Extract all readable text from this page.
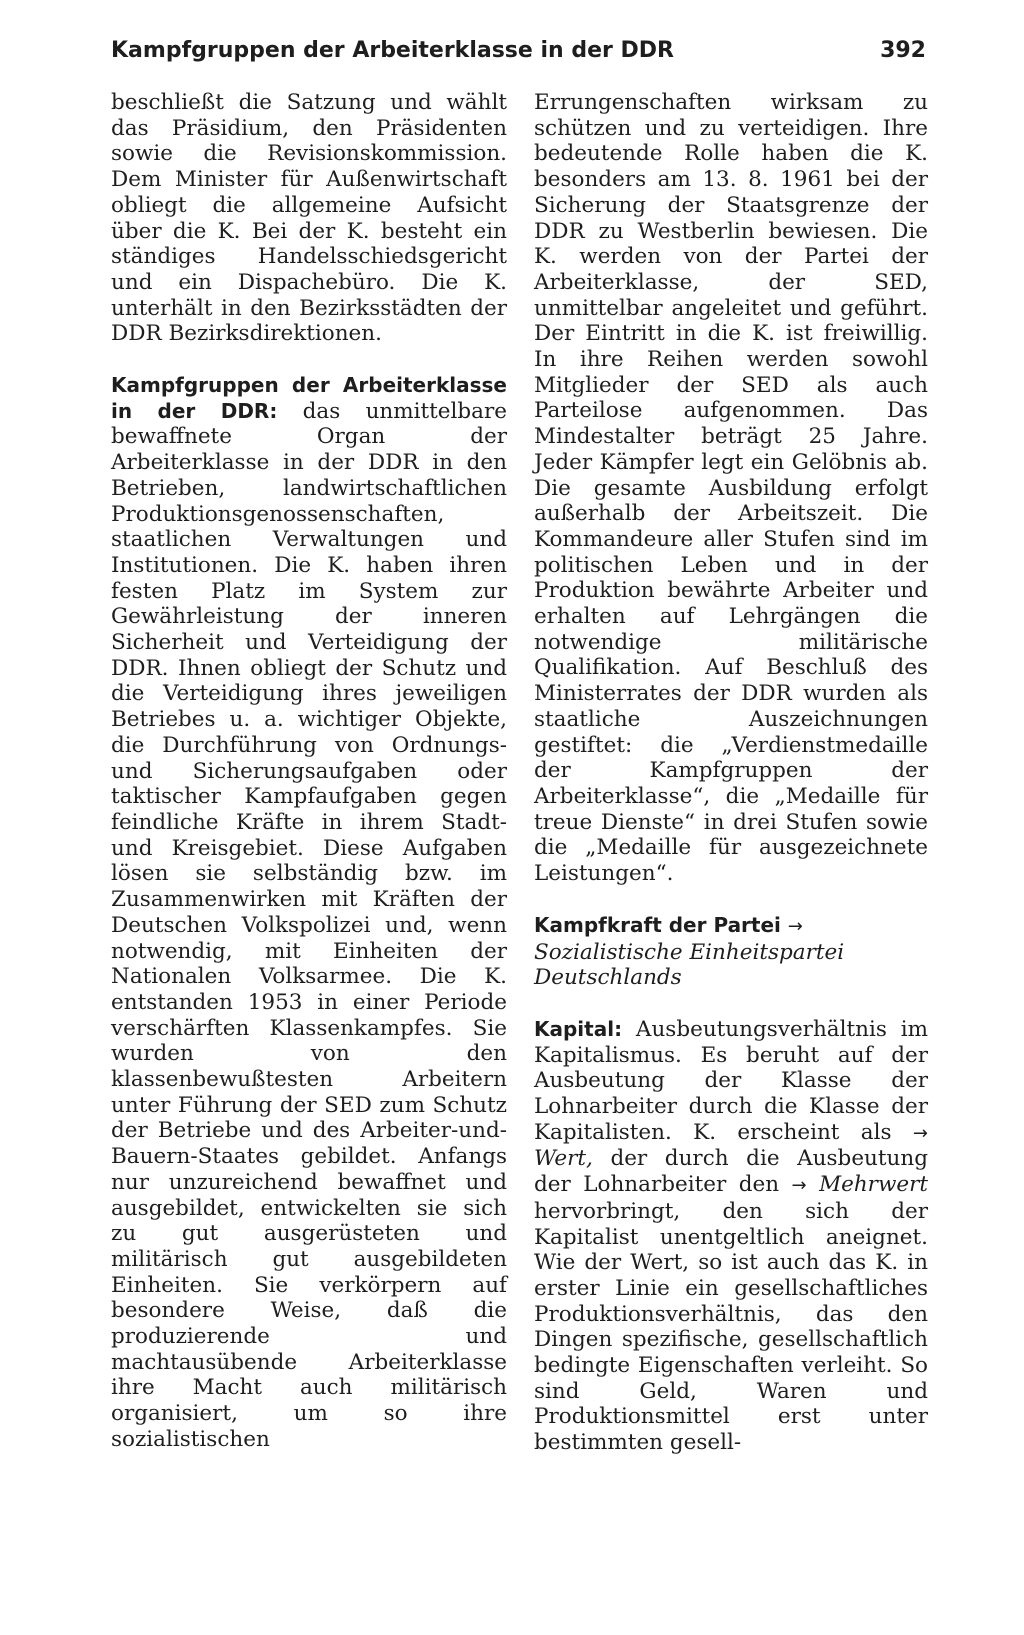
Kampfgruppen der Arbeiterklasse in der DDR	392

beschließt die Satzung und wählt das Präsidium, den Präsidenten sowie die Revisionskommission. Dem Minister für Außenwirtschaft obliegt die allgemeine Aufsicht über die K. Bei der K. besteht ein ständiges Handelsschiedsgericht und ein Dispachebüro. Die K. unterhält in den Bezirksstädten der DDR Bezirksdirektionen.

Kampfgruppen der Arbeiterklasse in der DDR: das unmittelbare bewaffnete Organ der Arbeiterklasse in der DDR in den Betrieben, landwirtschaftlichen Produktionsgenossenschaften, staatlichen Verwaltungen und Institutionen. Die K. haben ihren festen Platz im System zur Gewährleistung der inneren Sicherheit und Verteidigung der DDR. Ihnen obliegt der Schutz und die Verteidigung ihres jeweiligen Betriebes u. a. wichtiger Objekte, die Durchführung von Ordnungs- und Sicherungsaufgaben oder taktischer Kampfaufgaben gegen feindliche Kräfte in ihrem Stadt- und Kreisgebiet. Diese Aufgaben lösen sie selbständig bzw. im Zusammenwirken mit Kräften der Deutschen Volkspolizei und, wenn notwendig, mit Einheiten der Nationalen Volksarmee. Die K. entstanden 1953 in einer Periode verschärften Klassenkampfes. Sie wurden von den klassenbewußtesten Arbeitern unter Führung der SED zum Schutz der Betriebe und des Arbeiter-und-Bauern-Staates gebildet. Anfangs nur unzureichend bewaffnet und ausgebildet, entwickelten sie sich zu gut ausgerüsteten und militärisch gut ausgebildeten Einheiten. Sie verkörpern auf besondere Weise, daß die produzierende und machtausübende Arbeiterklasse ihre Macht auch militärisch organisiert, um so ihre sozialistischen

Errungenschaften wirksam zu schützen und zu verteidigen. Ihre bedeutende Rolle haben die K. besonders am 13. 8. 1961 bei der Sicherung der Staatsgrenze der DDR zu Westberlin bewiesen. Die K. werden von der Partei der Arbeiterklasse, der SED, unmittelbar angeleitet und geführt. Der Eintritt in die K. ist freiwillig. In ihre Reihen werden sowohl Mitglieder der SED als auch Parteilose aufgenommen. Das Mindestalter beträgt 25 Jahre. Jeder Kämpfer legt ein Gelöbnis ab. Die gesamte Ausbildung erfolgt außerhalb der Arbeitszeit. Die Kommandeure aller Stufen sind im politischen Leben und in der Produktion bewährte Arbeiter und erhalten auf Lehrgängen die notwendige militärische Qualifikation. Auf Beschluß des Ministerrates der DDR wurden als staatliche Auszeichnungen gestiftet: die „Verdienstmedaille der Kampfgruppen der Arbeiterklasse“, die „Medaille für treue Dienste“ in drei Stufen sowie die „Medaille für ausgezeichnete Leistungen“.

Kampfkraft der Partei → Sozialistische Einheitspartei Deutschlands

Kapital: Ausbeutungsverhältnis im Kapitalismus. Es beruht auf der Ausbeutung der Klasse der Lohnarbeiter durch die Klasse der Kapitalisten. K. erscheint als → Wert, der durch die Ausbeutung der Lohnarbeiter den → Mehrwert hervorbringt, den sich der Kapitalist unentgeltlich aneignet. Wie der Wert, so ist auch das K. in erster Linie ein gesellschaftliches Produktionsverhältnis, das den Dingen spezifische, gesellschaftlich bedingte Eigenschaften verleiht. So sind Geld, Waren und Produktionsmittel erst unter bestimmten gesell-
